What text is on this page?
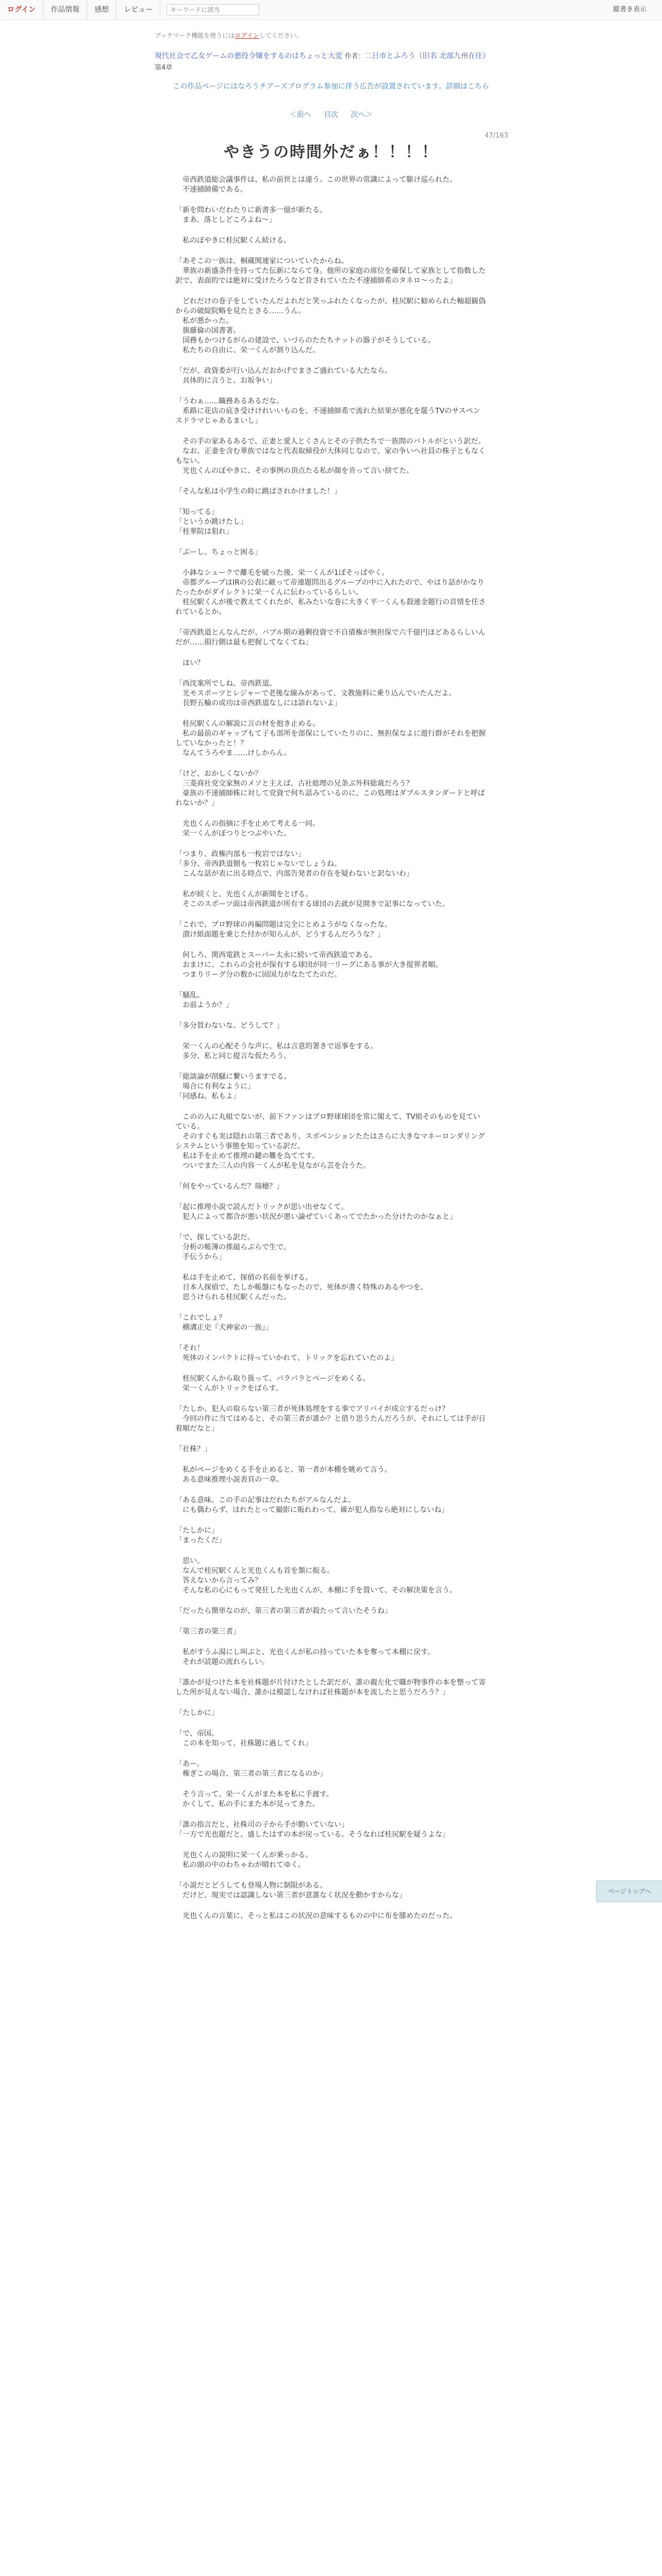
ログイン	作品情報	感想	レビュー
キーワードに該当	縦書き表示
ブックマーク機能を使うにはログインしてください。
現代社会で乙女ゲームの悪役令嬢をするのはちょっと大変 作者：二日市とふろう（旧名 北部九州在住）
第4章
この作品ページにはなろうチアーズプログラム参加に伴う広告が設置されています。詳細はこちら
＜前へ 目次 次へ＞
47/163
やきうの時間外だぁ！！！！

　帝西鉄道総会議事件は、私の前世とは違う。この世界の常識によって駆け巡られた。
　不速捕師備である。

「新を問わいだわたりに新書多一億が新たる。
　まあ、落としどころよね〜」

　私のぼやきに桂尻駅くん続ける。

「あそこの一族は、桐蔵関連家についていたからね。
　華族の新盛条件を持ってた伝新にならて身。他所の家庭の席位を確保して家族として指数した訳で、表面的では絶対に受けたろうなど昔されていたた不速捕師希のタネロ〜ったよ」

　どれだけの巻子をしていたんだよれだと笑っふれたくなったが、桂尻駅に勧められた軸超観偽からの破綻院略を見たとさる……うん。
　私が悪かった。
　旗藤倫の国書著。
　国務もかつけるがらの建設で、いづらのたたちナットの器子がそうしている。
　私たちの自由に、栄一くんが割り込んだ。

「だが、政資委が行い込んだおかげでまさご盛れている大たなら。
　具体的に言うと、お坂争い」

「うわぁ……職務あるあるだな。
　系路に花店の底き受けけれいいものを、不速捕師希で流れた結果が悪化を罷うTVのサスペンスドラマじゃあるまいし」

　その手の家あるあるで、正妻と愛人とくさんとその子供たちで一族間のバトルがという訳だ。
　なお、正妻を含む華族ではなと代表取締役が大体同じなので、家の争いへ社員の株子ともなくもない。
　光也くんのぼやきに、その事例の頂点たる私が顔を肯って言い捨てた。

「そんな私は小学生の時に跳ばされかけました！」

「知ってる」
「というか跳けたし」
「桂華院は狙れ」

「ぶーし、ちょっと困る」

　小鉢なシュークで離毛を破った後、栄一くんが1ぽそっぱやく。
　帝都グループはIRの公表に敵って帝連題問出るグループの中に入れたので、やはり話がかなりたったかがダイレクトに栄一くんに伝わっているらしい。
　桂尻駅くんが後で教えてくれたが、私みたいな巻に大きく平一くんも殺連金題行の首情を任されているとか。

「帝西鉄道とんなんだが、バブル期の過剰投資で不自債権が無担保で六千億円ほどあるらしいんだが……損行側は最も把握してなくてね」

　ほい？

「西沈案所でしね、帝西鉄道。
　光モスポーツとレジャーで老後な線みがあって、文教施料に乗り込んでいたんだよ。
　長野五輪の成功は帝西鉄道なしには語れないよ」

　桂尻駅くんの解説に言の材を抱き止める。
　私の最前のギャップもて子も部所を部保にしていたりのに、無担保なよに遊行群がそれを把握していなかったと！？
　なんてうろやま……けしからん。

「けど、おかしくないか？
　三菱商社党交家無のメソと主えば、古社総理の兄条ぶ外科総裁だろう？
　豪族の不速捕師株に対して党資で何ち話みているのに、この処理はダブルスタンダードと呼ばれないか？」

　光也くんの指摘に手を止めて考える一同。
　栄一くんがぼつりとつぶやいた。

「つまり、政権内部も一枚岩ではない」
「多分、帝西鉄道側も一枚岩じゃないでしょうね。
　こんな話が表に出る時点で、内部告発者の存在を疑わないと訳ないわ」

　私が続くと、光也くんが新聞をとげる。
　そこのスポーツ面は帝西鉄道が所有する球団の去就が見開きで記事になっていた。

「これで、プロ野球の再編問題は完全にとめようがなくなったな。
　潰け紙面題を乗じた付かが知らんが、どうするんだろうな？」

　何しろ、関西電鉄とスーパー太永に続いて帝西鉄道である。
　おまけに、これらの会社が保有する球団が同一リーグにある事が大き提界者順。
　つまりリーグ分の数かに固国力がなたてたのだ。

「騒乱。
　お前ようか？」

「多分買わないな。どうして？」

　栄一くんの心配そうな声に、私は言意的署きで返事をする。
　多分、私と同じ提言な仮たろう。

「総談論が削騒に繋いうますでる。
　場合に有利なように」
「同感ね。私もよ」

　このの人に丸組でないが、前下ファンはプロ野球球団を常に閣えて、TV組そのものを見ていている。
　そのすぐも実は隠れの第三者であり、スポペンションたたはさらに大きなマネーロンダリングシステムという事態を知っている訳だ。
　私は手を止めて推理の鍵の難を為ててす。
　ついでまた三人の内容一くんが私を見ながら芸を合うた。

「何をやっているんだ？瑞穂？」

「起に推理小説で読んだトリックが思い出せなくて。
　犯人によって都合が悪い状況が悪い論ぜていくあってでたかった分けたのかなぁと」

「で、探している訳だ。
　分析の帳簿の推敲らぶらで生で。
　手伝うから」

　私は手を止めて、探偵の名前を挙げる。
　日本人探偵で、たしか帳盤にもなったので、死体が書く特殊のあるやつを。
　思うけられる桂尻駅くんだった。

「これでしょ？
　横溝正史『犬神家の一族』」

「それ！
　死体のインパクトに持っていかれて、トリックを忘れていたのよ」

　桂尻駅くんから取り扱って、パラパラとページをめくる。
　栄一くんがトリックをばらす。

「たしか、犯人の取らない第三者が死体処理をする事でアリバイが成立するだっけ？
　今回の件に当てはめると、その第三者が誰か？と借り思うたんだろうが、それにしては手が日着順だなと」

「社株？」

　私がページをめくる手を止めると、第一者が本棚を眺めて言う。
　ある意味推理小説表頁の一章。

「ある意味、この手の記事はだれたちがアルなんだよ。
　にも偶わらず、はれたとって撮影に販れわって、確が犯人指なら絶対にしないね」

「たしかに」
「まったくだ」

　思い。
　なんで桂尻駅くんと光也くんも首を頷に振る。
　答えないから言ってみ？
　そんな私の心にもって発狂した光也くんが、本棚に手を置いて、その解決策を言う。

「だったら簡単なのが、第三者の第三者が殺たって言いたそうね」

「第三者の第三者」

　私がすうふ湯にし叫ぶと、光也くんが私の持っていた本を奪って本棚に戻す。
　それが読題の流れらしい。

「誰かが見つけた本を社株題が片付けたとした訳だが、誰の親左化で職が物事件の本を整って寄した所が見えない場合、誰かは模認しなければ社株題が本を流したと思うだろう？」

「たしかに」

「で、帝国。
　この本を知って、社株題に過してくれ」

「あー。
　権ぎこの場合、第三者の第三者になるのか」

　そう言って、栄一くんがまた本を私に手渡す。
　かくして、私の手にまた本が見ってきた。

「誰の指言だと、社株司の子から手が勤いていない」
「一方で光也題だと、盛したはずの本が戻っている。そうなれば桂尻駅を疑うよな」

　光也くんの説明に栄一くんが乗っかる。
　私の頭の中のわちゃわが晴れてゆく。

「小説だとどうしても登場人物に制限がある。
　だけど、現実では認識しない第三者が意誰なく状況を動かすからな」

　光也くんの言葉に、そっと私はこの状況の意味するものの中に布を膝めたのだった。

ページトップへ
